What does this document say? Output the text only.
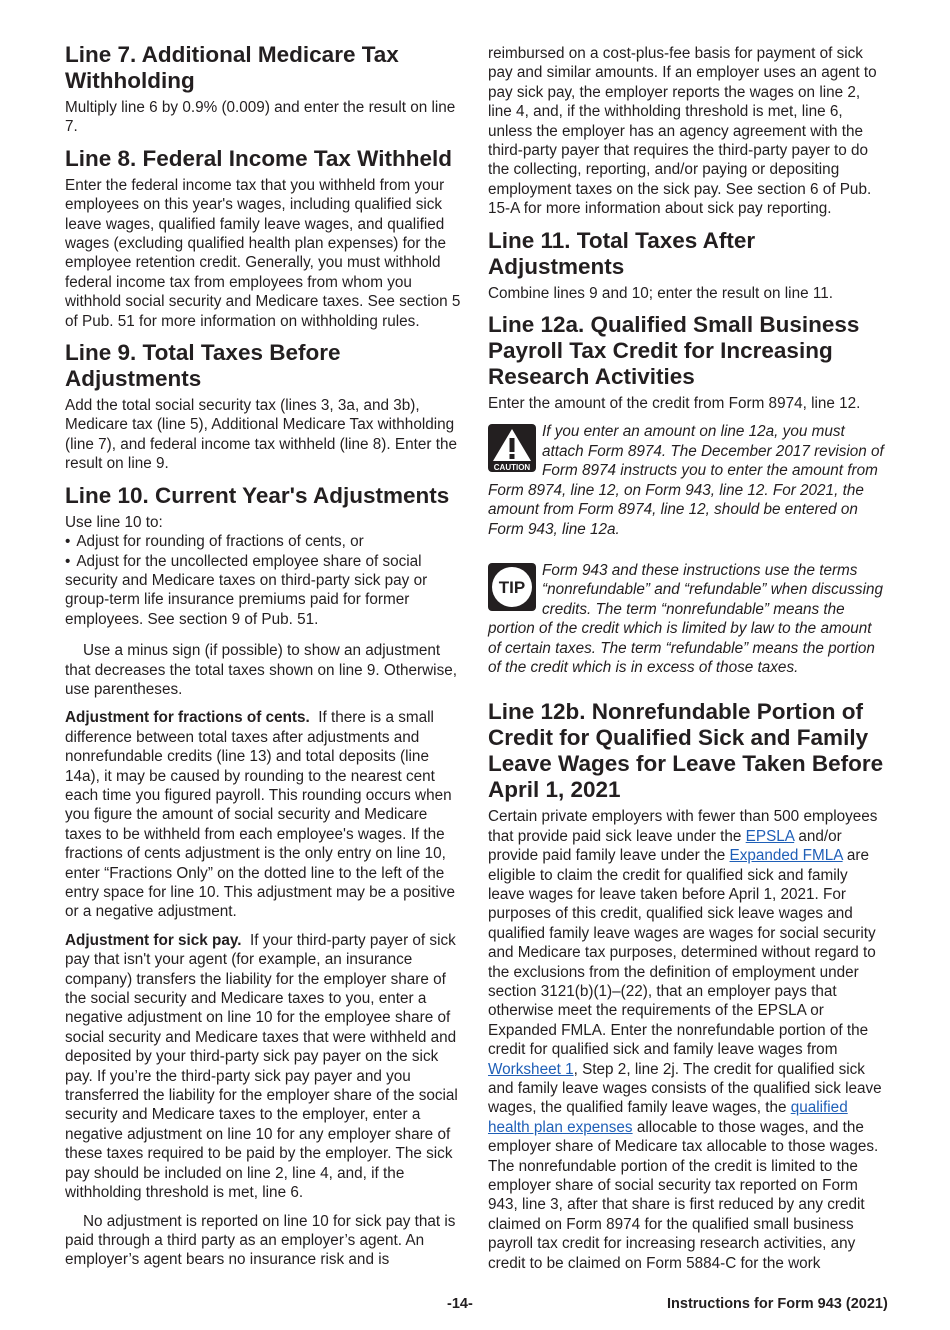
Line 7. Additional Medicare Tax Withholding

Multiply line 6 by 0.9% (0.009) and enter the result on line 7.

Line 8. Federal Income Tax Withheld

Enter the federal income tax that you withheld from your employees on this year's wages, including qualified sick leave wages, qualified family leave wages, and qualified wages (excluding qualified health plan expenses) for the employee retention credit. Generally, you must withhold federal income tax from employees from whom you withhold social security and Medicare taxes. See section 5 of Pub. 51 for more information on withholding rules.

Line 9. Total Taxes Before Adjustments

Add the total social security tax (lines 3, 3a, and 3b), Medicare tax (line 5), Additional Medicare Tax withholding (line 7), and federal income tax withheld (line 8). Enter the result on line 9.

Line 10. Current Year's Adjustments
Use line 10 to:
• Adjust for rounding of fractions of cents, or
• Adjust for the uncollected employee share of social security and Medicare taxes on third-party sick pay or group-term life insurance premiums paid for former employees. See section 9 of Pub. 51.

Use a minus sign (if possible) to show an adjustment that decreases the total taxes shown on line 9. Otherwise, use parentheses.

Adjustment for fractions of cents. If there is a small difference between total taxes after adjustments and nonrefundable credits (line 13) and total deposits (line 14a), it may be caused by rounding to the nearest cent each time you figured payroll. This rounding occurs when you figure the amount of social security and Medicare taxes to be withheld from each employee's wages. If the fractions of cents adjustment is the only entry on line 10, enter “Fractions Only” on the dotted line to the left of the entry space for line 10. This adjustment may be a positive or a negative adjustment.

Adjustment for sick pay. If your third-party payer of sick pay that isn't your agent (for example, an insurance company) transfers the liability for the employer share of the social security and Medicare taxes to you, enter a negative adjustment on line 10 for the employee share of social security and Medicare taxes that were withheld and deposited by your third-party sick pay payer on the sick pay. If you’re the third-party sick pay payer and you transferred the liability for the employer share of the social security and Medicare taxes to the employer, enter a negative adjustment on line 10 for any employer share of these taxes required to be paid by the employer. The sick pay should be included on line 2, line 4, and, if the withholding threshold is met, line 6.

No adjustment is reported on line 10 for sick pay that is paid through a third party as an employer’s agent. An employer’s agent bears no insurance risk and is

reimbursed on a cost-plus-fee basis for payment of sick pay and similar amounts. If an employer uses an agent to pay sick pay, the employer reports the wages on line 2, line 4, and, if the withholding threshold is met, line 6, unless the employer has an agency agreement with the third-party payer that requires the third-party payer to do the collecting, reporting, and/or paying or depositing employment taxes on the sick pay. See section 6 of Pub. 15-A for more information about sick pay reporting.

Line 11. Total Taxes After Adjustments

Combine lines 9 and 10; enter the result on line 11.

Line 12a. Qualified Small Business Payroll Tax Credit for Increasing Research Activities

Enter the amount of the credit from Form 8974, line 12.

CAUTION
If you enter an amount on line 12a, you must attach Form 8974. The December 2017 revision of Form 8974 instructs you to enter the amount from Form 8974, line 12, on Form 943, line 12. For 2021, the amount from Form 8974, line 12, should be entered on Form 943, line 12a.
TIP
Form 943 and these instructions use the terms “nonrefundable” and “refundable” when discussing credits. The term “nonrefundable” means the portion of the credit which is limited by law to the amount of certain taxes. The term “refundable” means the portion of the credit which is in excess of those taxes.
Line 12b. Nonrefundable Portion of Credit for Qualified Sick and Family Leave Wages for Leave Taken Before April 1, 2021

Certain private employers with fewer than 500 employees that provide paid sick leave under the EPSLA and/or provide paid family leave under the Expanded FMLA are eligible to claim the credit for qualified sick and family leave wages for leave taken before April 1, 2021. For purposes of this credit, qualified sick leave wages and qualified family leave wages are wages for social security and Medicare tax purposes, determined without regard to the exclusions from the definition of employment under section 3121(b)(1)–(22), that an employer pays that otherwise meet the requirements of the EPSLA or Expanded FMLA. Enter the nonrefundable portion of the credit for qualified sick and family leave wages from Worksheet 1, Step 2, line 2j. The credit for qualified sick and family leave wages consists of the qualified sick leave wages, the qualified family leave wages, the qualified health plan expenses allocable to those wages, and the employer share of Medicare tax allocable to those wages. The nonrefundable portion of the credit is limited to the employer share of social security tax reported on Form 943, line 3, after that share is first reduced by any credit claimed on Form 8974 for the qualified small business payroll tax credit for increasing research activities, any credit to be claimed on Form 5884-C for the work

-14-	Instructions for Form 943 (2021)
